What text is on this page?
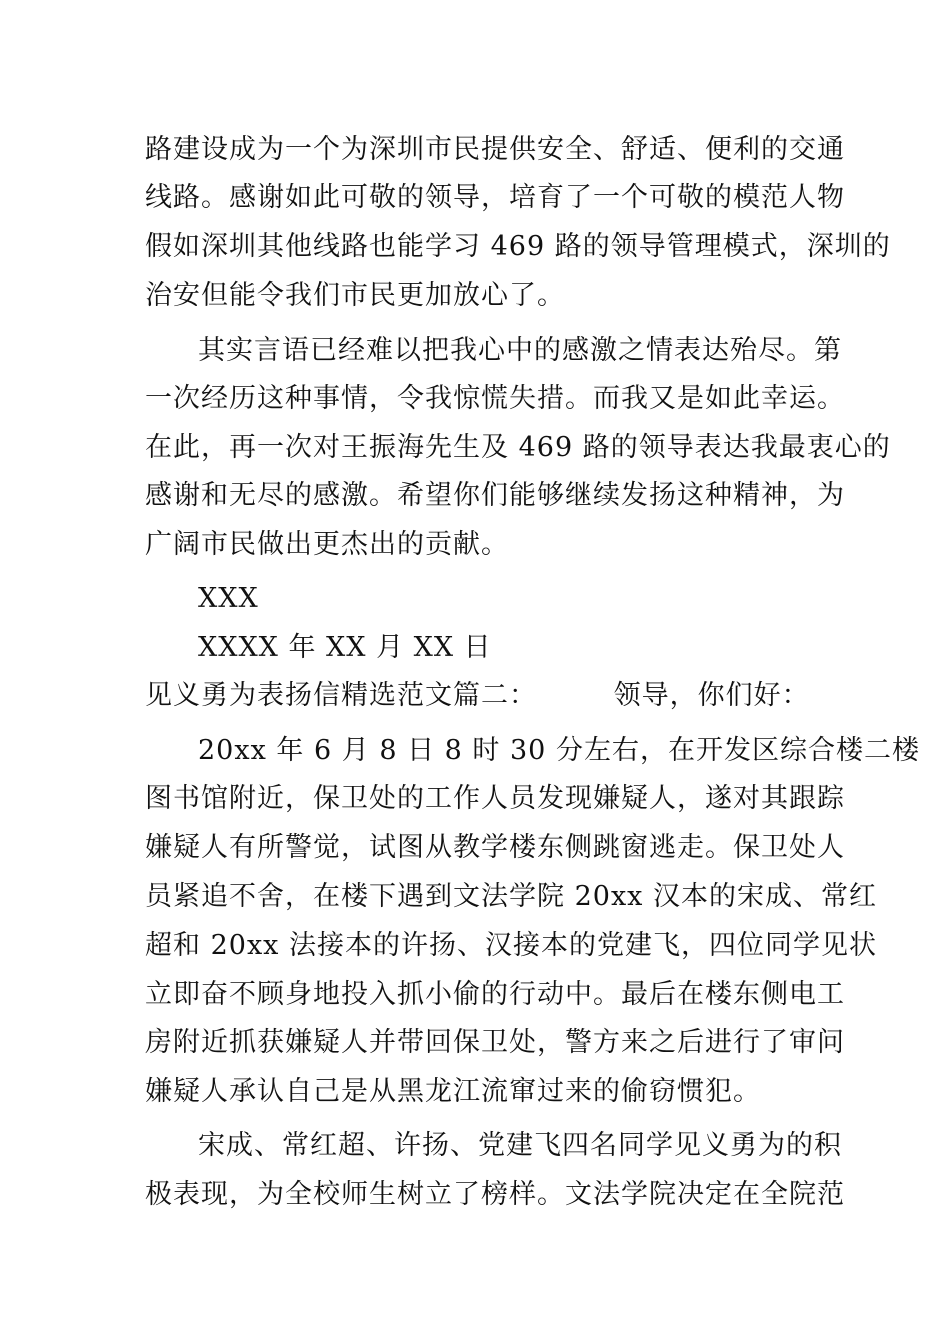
路建设成为一个为深圳市民提供安全、舒适、便利的交通
线路。感谢如此可敬的领导，培育了一个可敬的模范人物
假如深圳其他线路也能学习 469 路的领导管理模式，深圳的
治安但能令我们市民更加放心了。
其实言语已经难以把我心中的感激之情表达殆尽。第
一次经历这种事情，令我惊慌失措。而我又是如此幸运。
在此，再一次对王振海先生及 469 路的领导表达我最衷心的
感谢和无尽的感激。希望你们能够继续发扬这种精神，为
广阔市民做出更杰出的贡献。
XXX
XXXX 年 XX 月 XX 日
见义勇为表扬信精选范文篇二：        领导，你们好：
20xx 年 6 月 8 日 8 时 30 分左右，在开发区综合楼二楼
图书馆附近，保卫处的工作人员发现嫌疑人，遂对其跟踪
嫌疑人有所警觉，试图从教学楼东侧跳窗逃走。保卫处人
员紧追不舍，在楼下遇到文法学院 20xx 汉本的宋成、常红
超和 20xx 法接本的许扬、汉接本的党建飞，四位同学见状
立即奋不顾身地投入抓小偷的行动中。最后在楼东侧电工
房附近抓获嫌疑人并带回保卫处，警方来之后进行了审问
嫌疑人承认自己是从黑龙江流窜过来的偷窃惯犯。
宋成、常红超、许扬、党建飞四名同学见义勇为的积
极表现，为全校师生树立了榜样。文法学院决定在全院范
